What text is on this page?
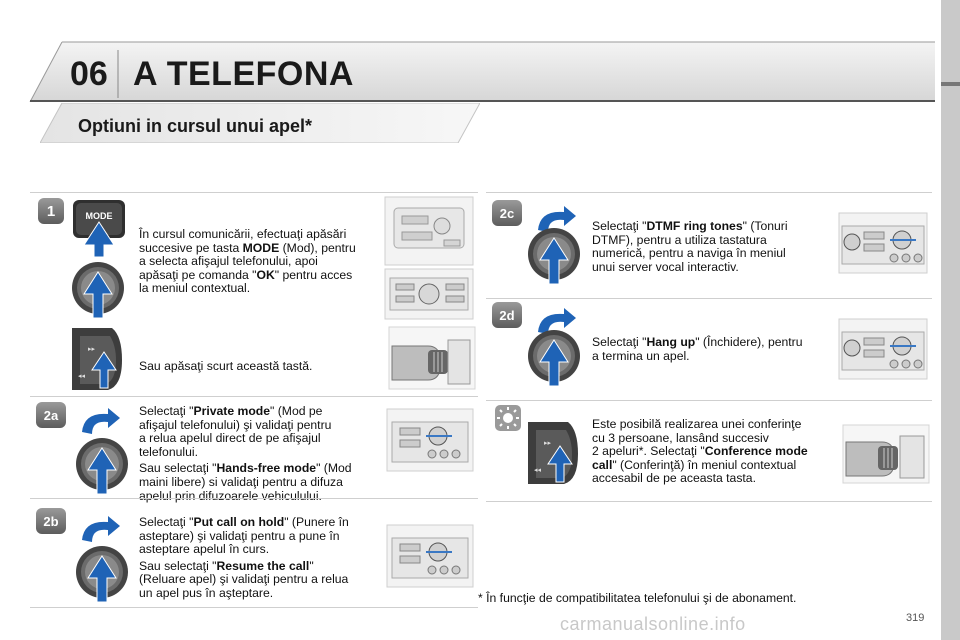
06 A TELEFONA
Optiuni in cursul unui apel*
1	MODE
▸▸
◂◂
În cursul comunicării, efectuaţi apăsări
succesive pe tasta MODE (Mod), pentru
a selecta afişajul telefonului, apoi
apăsaţi pe comanda "OK" pentru acces
la meniul contextual.
Sau apăsaţi scurt această tastă.
2a	Selectaţi "Private mode" (Mod pe
afişajul telefonului) şi validaţi pentru
a relua apelul direct de pe afişajul

telefonului.

Sau selectaţi "Hands-free mode" (Mod
maini libere) si validaţi pentru a difuza
apelul prin difuzoarele vehiculului.
2b	Selectaţi "Put call on hold" (Punere în
asteptare) şi validaţi pentru a pune în

asteptare apelul în curs.

Sau selectaţi "Resume the call"
(Reluare apel) şi validaţi pentru a relua
un apel pus în aşteptare.
2c
Selectaţi "DTMF ring tones" (Tonuri
DTMF), pentru a utiliza tastatura
numerică, pentru a naviga în meniul
unui server vocal interactiv.
2d
Selectaţi "Hang up" (Închidere), pentru
a termina un apel.
▸▸
◂◂
Este posibilă realizarea unei conferinţe
cu 3 persoane, lansând succesiv
2 apeluri*. Selectaţi "Conference mode
call" (Conferinţă) în meniul contextual
accesabil de pe aceasta tasta.
* În funcţie de compatibilitatea telefonului şi de abonament.
carmanualsonline.info	319
